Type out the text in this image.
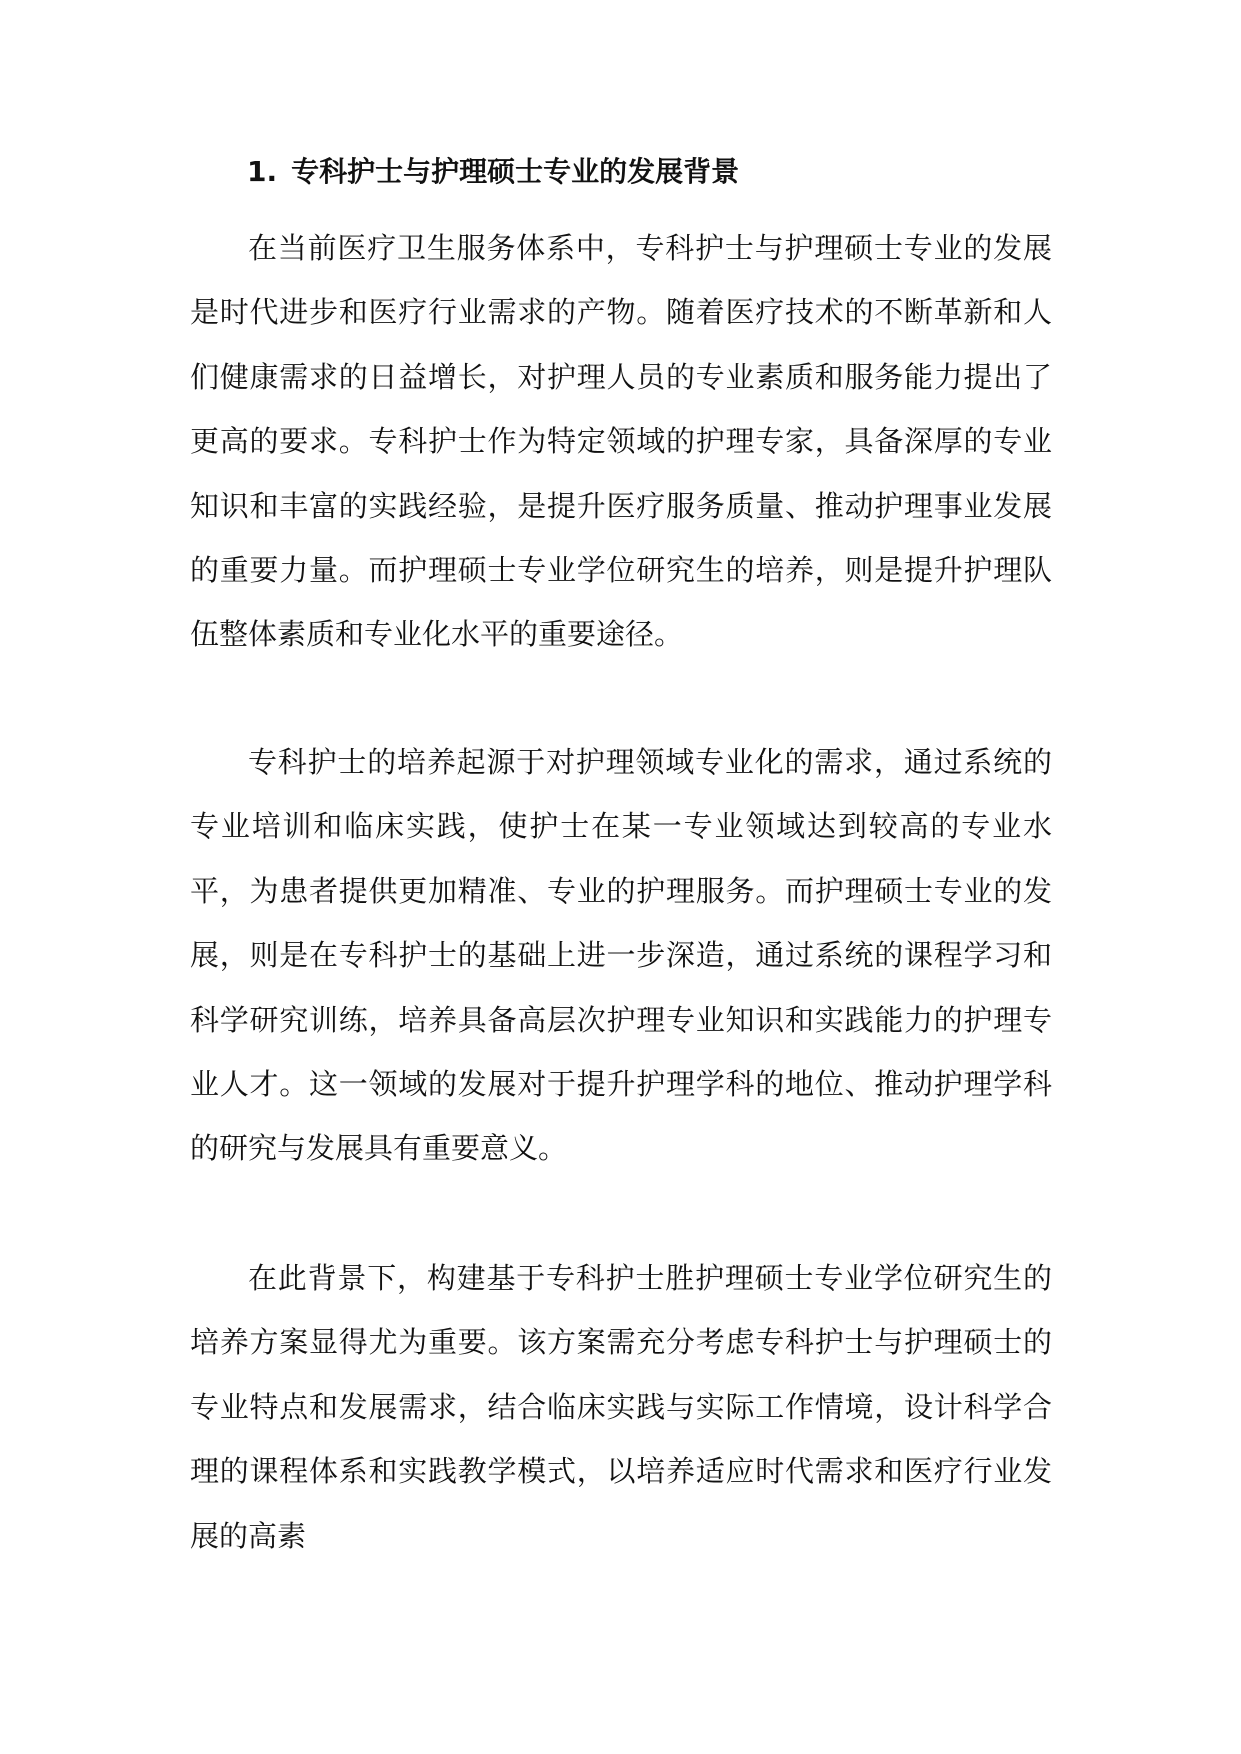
1. 专科护士与护理硕士专业的发展背景

在当前医疗卫生服务体系中，专科护士与护理硕士专业的发展是时代进步和医疗行业需求的产物。随着医疗技术的不断革新和人们健康需求的日益增长，对护理人员的专业素质和服务能力提出了更高的要求。专科护士作为特定领域的护理专家，具备深厚的专业知识和丰富的实践经验，是提升医疗服务质量、推动护理事业发展的重要力量。而护理硕士专业学位研究生的培养，则是提升护理队伍整体素质和专业化水平的重要途径。

专科护士的培养起源于对护理领域专业化的需求，通过系统的专业培训和临床实践，使护士在某一专业领域达到较高的专业水平，为患者提供更加精准、专业的护理服务。而护理硕士专业的发展，则是在专科护士的基础上进一步深造，通过系统的课程学习和科学研究训练，培养具备高层次护理专业知识和实践能力的护理专业人才。这一领域的发展对于提升护理学科的地位、推动护理学科的研究与发展具有重要意义。

在此背景下，构建基于专科护士胜护理硕士专业学位研究生的培养方案显得尤为重要。该方案需充分考虑专科护士与护理硕士的专业特点和发展需求，结合临床实践与实际工作情境，设计科学合理的课程体系和实践教学模式，以培养适应时代需求和医疗行业发展的高素
